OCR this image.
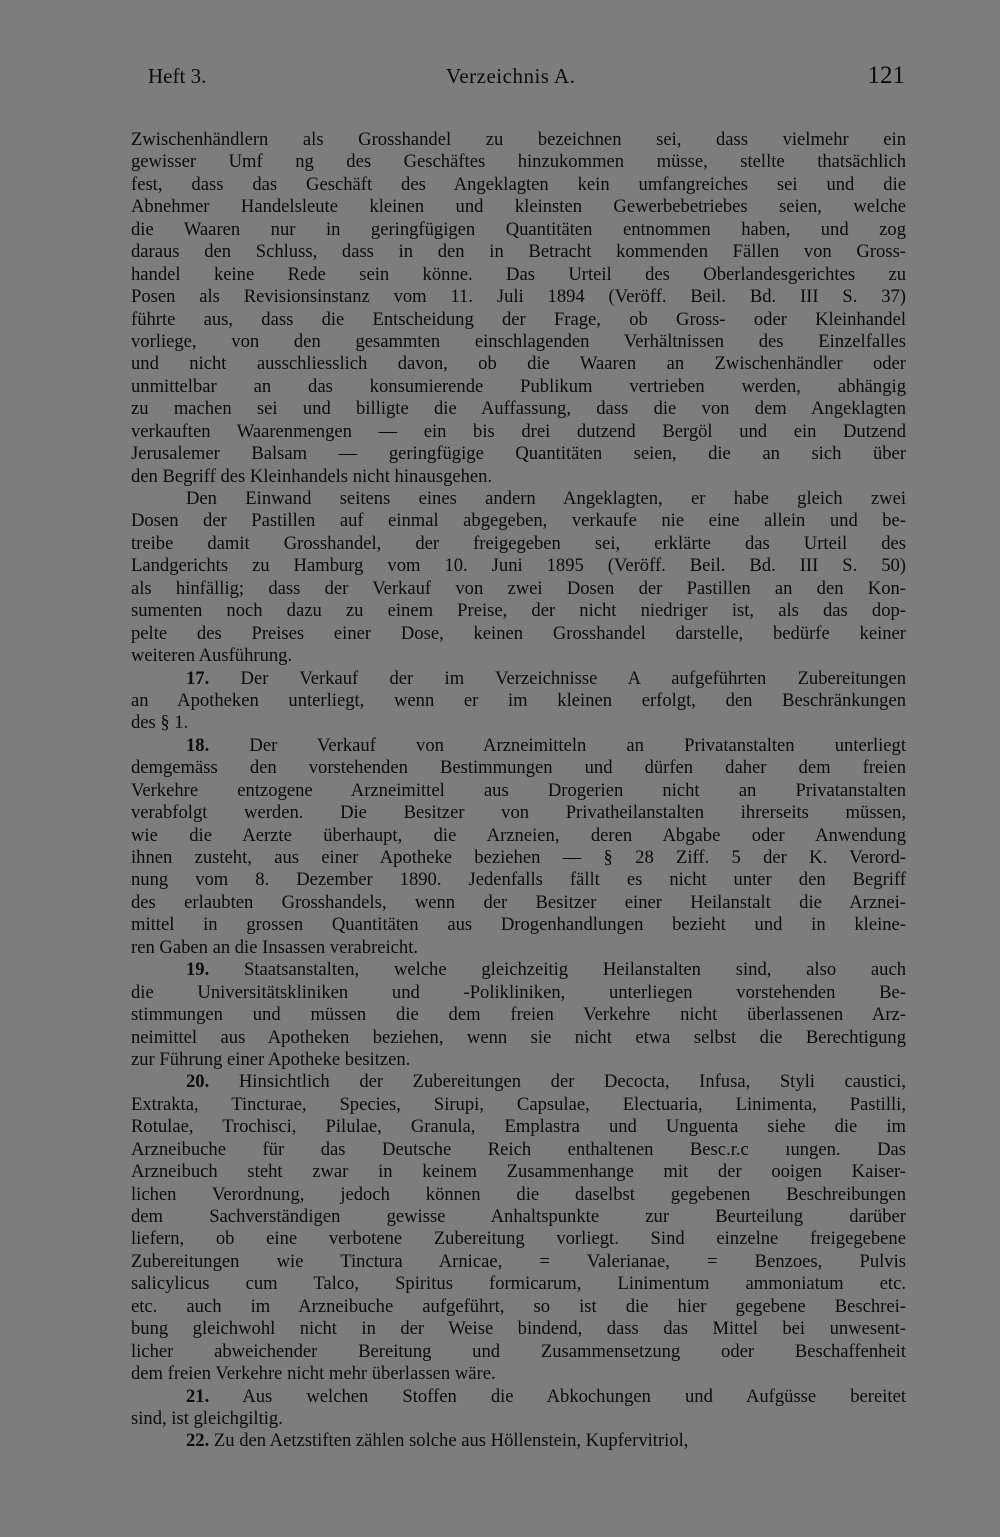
Heft 3.	Verzeichnis A.	121
Zwischenhändlern als Grosshandel zu bezeichnen sei, dass vielmehr ein
gewisser Umf ng des Geschäftes hinzukommen müsse, stellte thatsächlich
fest, dass das Geschäft des Angeklagten kein umfangreiches sei und die
Abnehmer Handelsleute kleinen und kleinsten Gewerbebetriebes seien, welche
die Waaren nur in geringfügigen Quantitäten entnommen haben, und zog
daraus den Schluss, dass in den in Betracht kommenden Fällen von Gross-
handel keine Rede sein könne. Das Urteil des Oberlandesgerichtes zu
Posen als Revisionsinstanz vom 11. Juli 1894 (Veröff. Beil. Bd. III S. 37)
führte aus, dass die Entscheidung der Frage, ob Gross- oder Kleinhandel
vorliege, von den gesammten einschlagenden Verhältnissen des Einzelfalles
und nicht ausschliesslich davon, ob die Waaren an Zwischenhändler oder
unmittelbar an das konsumierende Publikum vertrieben werden, abhängig
zu machen sei und billigte die Auffassung, dass die von dem Angeklagten
verkauften Waarenmengen — ein bis drei dutzend Bergöl und ein Dutzend
Jerusalemer Balsam — geringfügige Quantitäten seien, die an sich über
den Begriff des Kleinhandels nicht hinausgehen.
Den Einwand seitens eines andern Angeklagten, er habe gleich zwei
Dosen der Pastillen auf einmal abgegeben, verkaufe nie eine allein und be-
treibe damit Grosshandel, der freigegeben sei, erklärte das Urteil des
Landgerichts zu Hamburg vom 10. Juni 1895 (Veröff. Beil. Bd. III S. 50)
als hinfällig; dass der Verkauf von zwei Dosen der Pastillen an den Kon-
sumenten noch dazu zu einem Preise, der nicht niedriger ist, als das dop-
pelte des Preises einer Dose, keinen Grosshandel darstelle, bedürfe keiner
weiteren Ausführung.
17. Der Verkauf der im Verzeichnisse A aufgeführten Zubereitungen
an Apotheken unterliegt, wenn er im kleinen erfolgt, den Beschränkungen
des § 1.
18. Der Verkauf von Arzneimitteln an Privatanstalten unterliegt
demgemäss den vorstehenden Bestimmungen und dürfen daher dem freien
Verkehre entzogene Arzneimittel aus Drogerien nicht an Privatanstalten
verabfolgt werden. Die Besitzer von Privatheilanstalten ihrerseits müssen,
wie die Aerzte überhaupt, die Arzneien, deren Abgabe oder Anwendung
ihnen zusteht, aus einer Apotheke beziehen — § 28 Ziff. 5 der K. Verord-
nung vom 8. Dezember 1890. Jedenfalls fällt es nicht unter den Begriff
des erlaubten Grosshandels, wenn der Besitzer einer Heilanstalt die Arznei-
mittel in grossen Quantitäten aus Drogenhandlungen bezieht und in kleine-
ren Gaben an die Insassen verabreicht.
19. Staatsanstalten, welche gleichzeitig Heilanstalten sind, also auch
die Universitätskliniken und -Polikliniken, unterliegen vorstehenden Be-
stimmungen und müssen die dem freien Verkehre nicht überlassenen Arz-
neimittel aus Apotheken beziehen, wenn sie nicht etwa selbst die Berechtigung
zur Führung einer Apotheke besitzen.
20. Hinsichtlich der Zubereitungen der Decocta, Infusa, Styli caustici,
Extrakta, Tincturae, Species, Sirupi, Capsulae, Electuaria, Linimenta, Pastilli,
Rotulae, Trochisci, Pilulae, Granula, Emplastra und Unguenta siehe die im
Arzneibuche für das Deutsche Reich enthaltenen Besc.r.c ıungen. Das
Arzneibuch steht zwar in keinem Zusammenhange mit der ooigen Kaiser-
lichen Verordnung, jedoch können die daselbst gegebenen Beschreibungen
dem Sachverständigen gewisse Anhaltspunkte zur Beurteilung darüber
liefern, ob eine verbotene Zubereitung vorliegt. Sind einzelne freigegebene
Zubereitungen wie Tinctura Arnicae, = Valerianae, = Benzoes, Pulvis
salicylicus cum Talco, Spiritus formicarum, Linimentum ammoniatum etc.
etc. auch im Arzneibuche aufgeführt, so ist die hier gegebene Beschrei-
bung gleichwohl nicht in der Weise bindend, dass das Mittel bei unwesent-
licher abweichender Bereitung und Zusammensetzung oder Beschaffenheit
dem freien Verkehre nicht mehr überlassen wäre.
21. Aus welchen Stoffen die Abkochungen und Aufgüsse bereitet
sind, ist gleichgiltig.
22. Zu den Aetzstiften zählen solche aus Höllenstein, Kupfervitriol,
